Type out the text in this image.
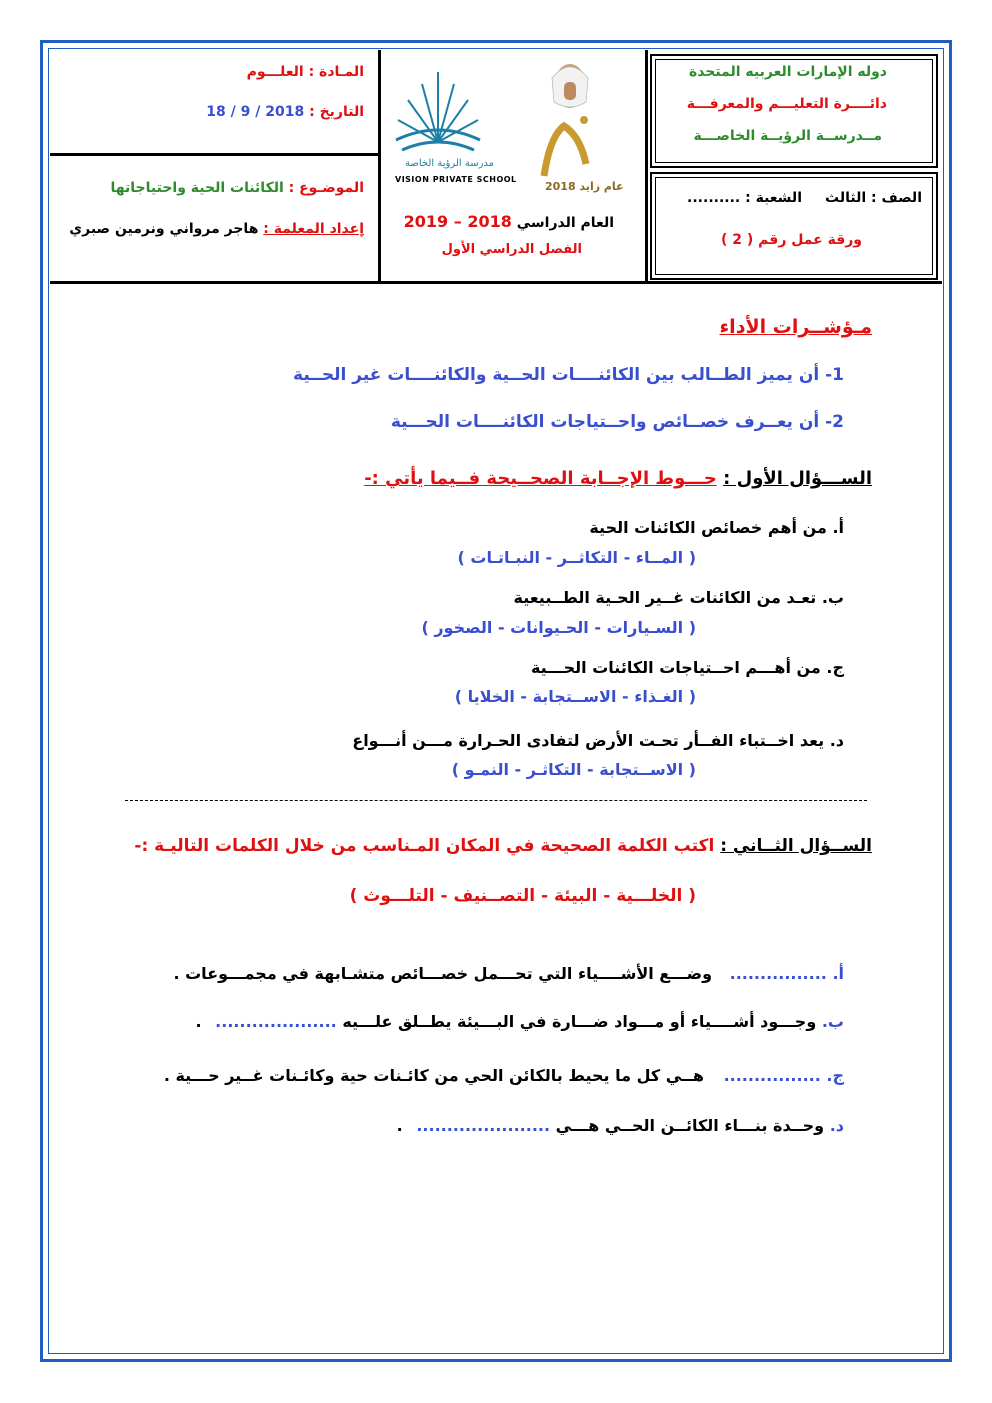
دوله الإمارات العربيه المتحدة
دائــــرة التعليـــم والمعرفـــة
مــدرســة الرؤيــة الخاصـــة
الصف : الثالث
الشعبة : ..........
ورقة عمل رقم ( 2 )
عام زايد 2018
مدرسة الرؤية الخاصة
VISION PRIVATE SCHOOL
العام الدراسي 2018 – 2019
الفصل الدراسي الأول
المـادة : العلـــوم
التاريخ : 18 / 9 / 2018
الموضـوع : الكائنات الحية واحتياجاتها
إعداد المعلمة : هاجر مرواني ونرمين صبري
مـؤشــرات الأداء
1- أن يميز الطــالب بين الكائنــــات الحــية والكائنــــات غير الحــية
2- أن يعــرف خصــائص واحــتياجات الكائنــــات الحـــية
الســـؤال الأول : حـــوط الإجــابة الصحــيحة فــيما يأتي :-
أ. من أهم خصائص الكائنات الحية
( المــاء - التكاثــر - النبـاتـات )
ب. تعـد من الكائنات غــير الحـية الطــبيعية
( السـيارات - الحـيوانات - الصخور )
ج. من أهـــم احــتياجات الكائنات الحـــية
( الغـذاء - الاســتجابة - الخلايا )
د. يعد اخــتباء الفــأر تحـت الأرض لتفادى الحـرارة مـــن أنـــواع
( الاســتجابة - التكاثـر - النمـو )
الســؤال الثــاني : اكتب الكلمة الصحيحة في المكان المـناسب من خلال الكلمات التاليـة :-
( الخلـــية - البيئة - التصــنيف - التلـــوث )
أ. ................ وضـــع الأشــــياء التي تحـــمل خصـــائص متشـابهة في مجمـــوعات .
ب. وجـــود أشــــياء أو مـــواد ضـــارة في البـــيئة يطــلق علـــيه .................... .
ج. ................ هــي كل ما يحيط بالكائن الحي من كائـنات حية وكائـنات غــير حـــية .
د. وحــدة بنـــاء الكائــن الحــي هـــي ...................... .
